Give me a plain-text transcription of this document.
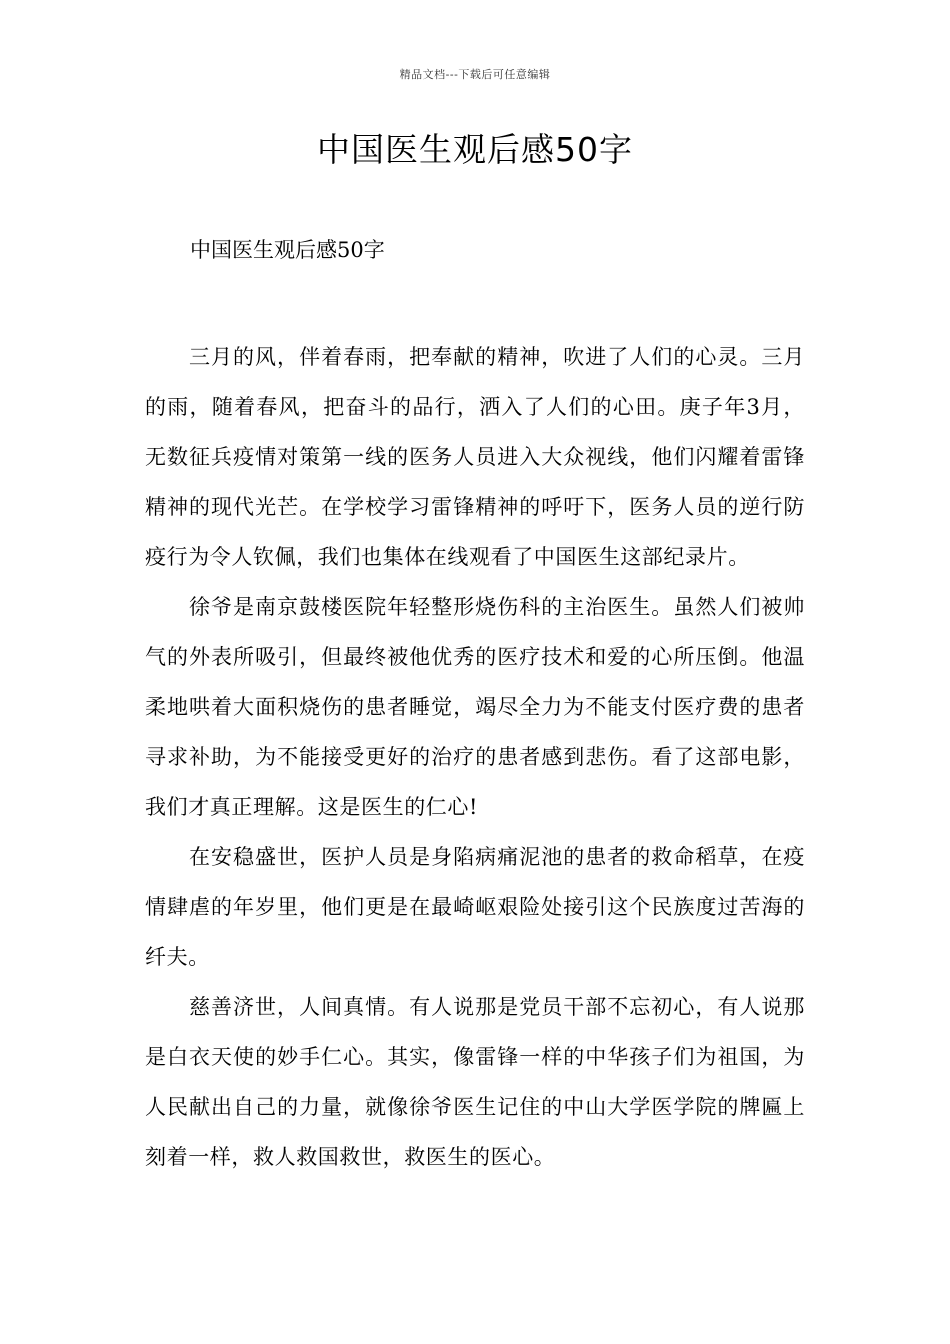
精品文档---下载后可任意编辑
中国医生观后感50字

中国医生观后感50字

三月的风，伴着春雨，把奉献的精神，吹进了人们的心灵。三月的雨，随着春风，把奋斗的品行，洒入了人们的心田。庚子年3月，无数征兵疫情对策第一线的医务人员进入大众视线，他们闪耀着雷锋精神的现代光芒。在学校学习雷锋精神的呼吁下，医务人员的逆行防疫行为令人钦佩，我们也集体在线观看了中国医生这部纪录片。

徐爷是南京鼓楼医院年轻整形烧伤科的主治医生。虽然人们被帅气的外表所吸引，但最终被他优秀的医疗技术和爱的心所压倒。他温柔地哄着大面积烧伤的患者睡觉，竭尽全力为不能支付医疗费的患者寻求补助，为不能接受更好的治疗的患者感到悲伤。看了这部电影，我们才真正理解。这是医生的仁心!

在安稳盛世，医护人员是身陷病痛泥池的患者的救命稻草，在疫情肆虐的年岁里，他们更是在最崎岖艰险处接引这个民族度过苦海的纤夫。

慈善济世，人间真情。有人说那是党员干部不忘初心，有人说那是白衣天使的妙手仁心。其实，像雷锋一样的中华孩子们为祖国，为人民献出自己的力量，就像徐爷医生记住的中山大学医学院的牌匾上刻着一样，救人救国救世，救医生的医心。
